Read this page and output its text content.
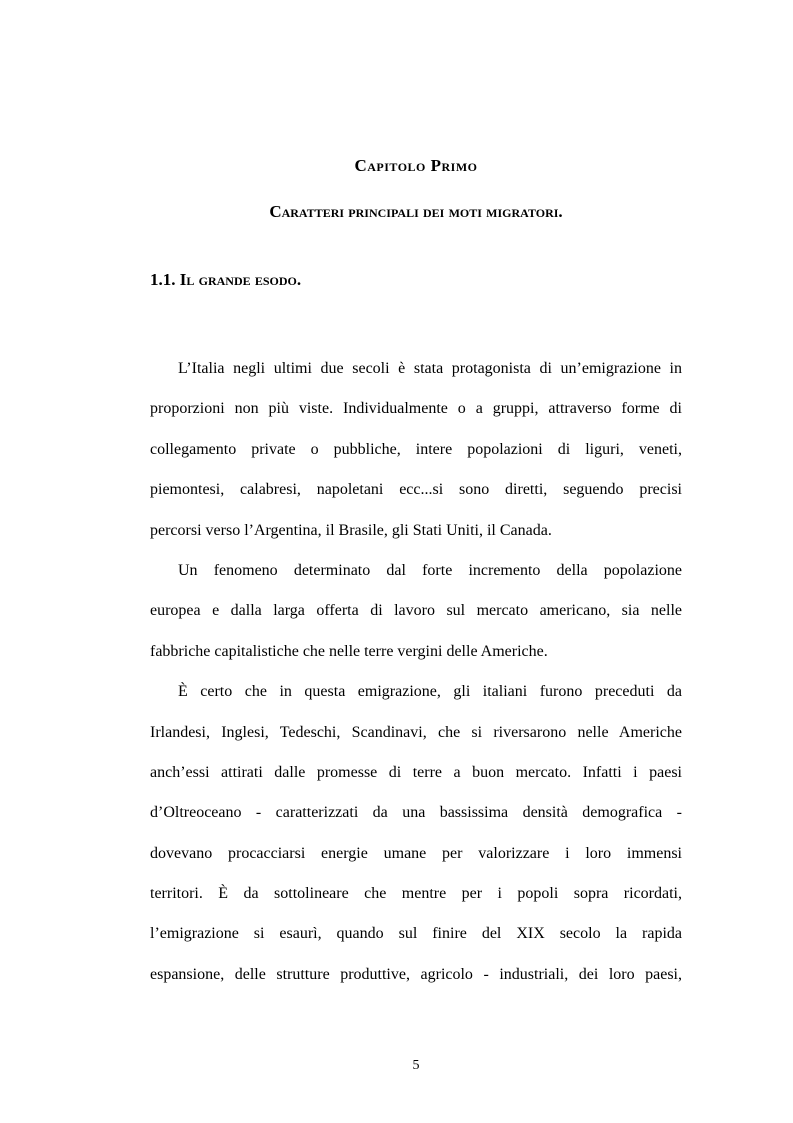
Capitolo Primo
Caratteri principali dei moti migratori.
1.1. Il grande esodo.
L’Italia negli ultimi due secoli è stata protagonista di un’emigrazione in
proporzioni non più viste. Individualmente o a gruppi, attraverso forme di
collegamento private o pubbliche, intere popolazioni di liguri, veneti,
piemontesi, calabresi, napoletani ecc...si sono diretti, seguendo precisi
percorsi verso l’Argentina, il Brasile, gli Stati Uniti, il Canada.
Un fenomeno determinato dal forte incremento della popolazione
europea e dalla larga offerta di lavoro sul mercato americano, sia nelle
fabbriche capitalistiche che nelle terre vergini delle Americhe.
È certo che in questa emigrazione, gli italiani furono preceduti da
Irlandesi, Inglesi, Tedeschi, Scandinavi, che si riversarono nelle Americhe
anch’essi attirati dalle promesse di terre a buon mercato. Infatti i paesi
d’Oltreoceano - caratterizzati da una bassissima densità demografica -
dovevano procacciarsi energie umane per valorizzare i loro immensi
territori. È da sottolineare che mentre per i popoli sopra ricordati,
l’emigrazione si esaurì, quando sul finire del XIX secolo la rapida
espansione, delle strutture produttive, agricolo - industriali, dei loro paesi,
5
